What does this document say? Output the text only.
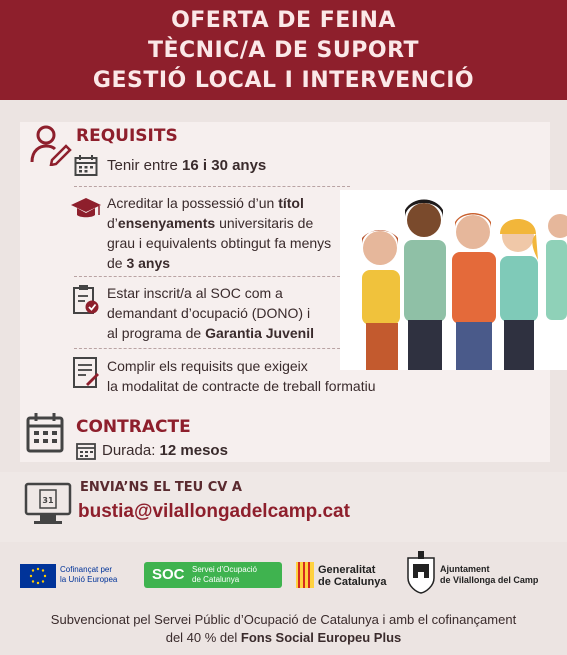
OFERTA DE FEINA
TÈCNIC/A DE SUPORT
GESTIÓ LOCAL I INTERVENCIÓ
REQUISITS
Tenir entre 16 i 30 anys
Acreditar la possessió d’un títol
d’ensenyaments universitaris de
grau i equivalents obtingut fa menys
de 3 anys
Estar inscrit/a al SOC com a
demandant d’ocupació (DONO) i
al programa de Garantia Juvenil
Complir els requisits que exigeix
la modalitat de contracte de treball formatiu
CONTRACTE
Durada: 12 mesos
31
ENVIA’NS EL TEU CV A
bustia@vilallongadelcamp.cat
Cofinançat per
la Unió Europea SOC Servei d’Ocupació
de Catalunya
Generalitat
de Catalunya
Ajuntament
de Vilallonga del Camp
Subvencionat pel Servei Públic d’Ocupació de Catalunya i amb el cofinançament
del 40 % del Fons Social Europeu Plus
